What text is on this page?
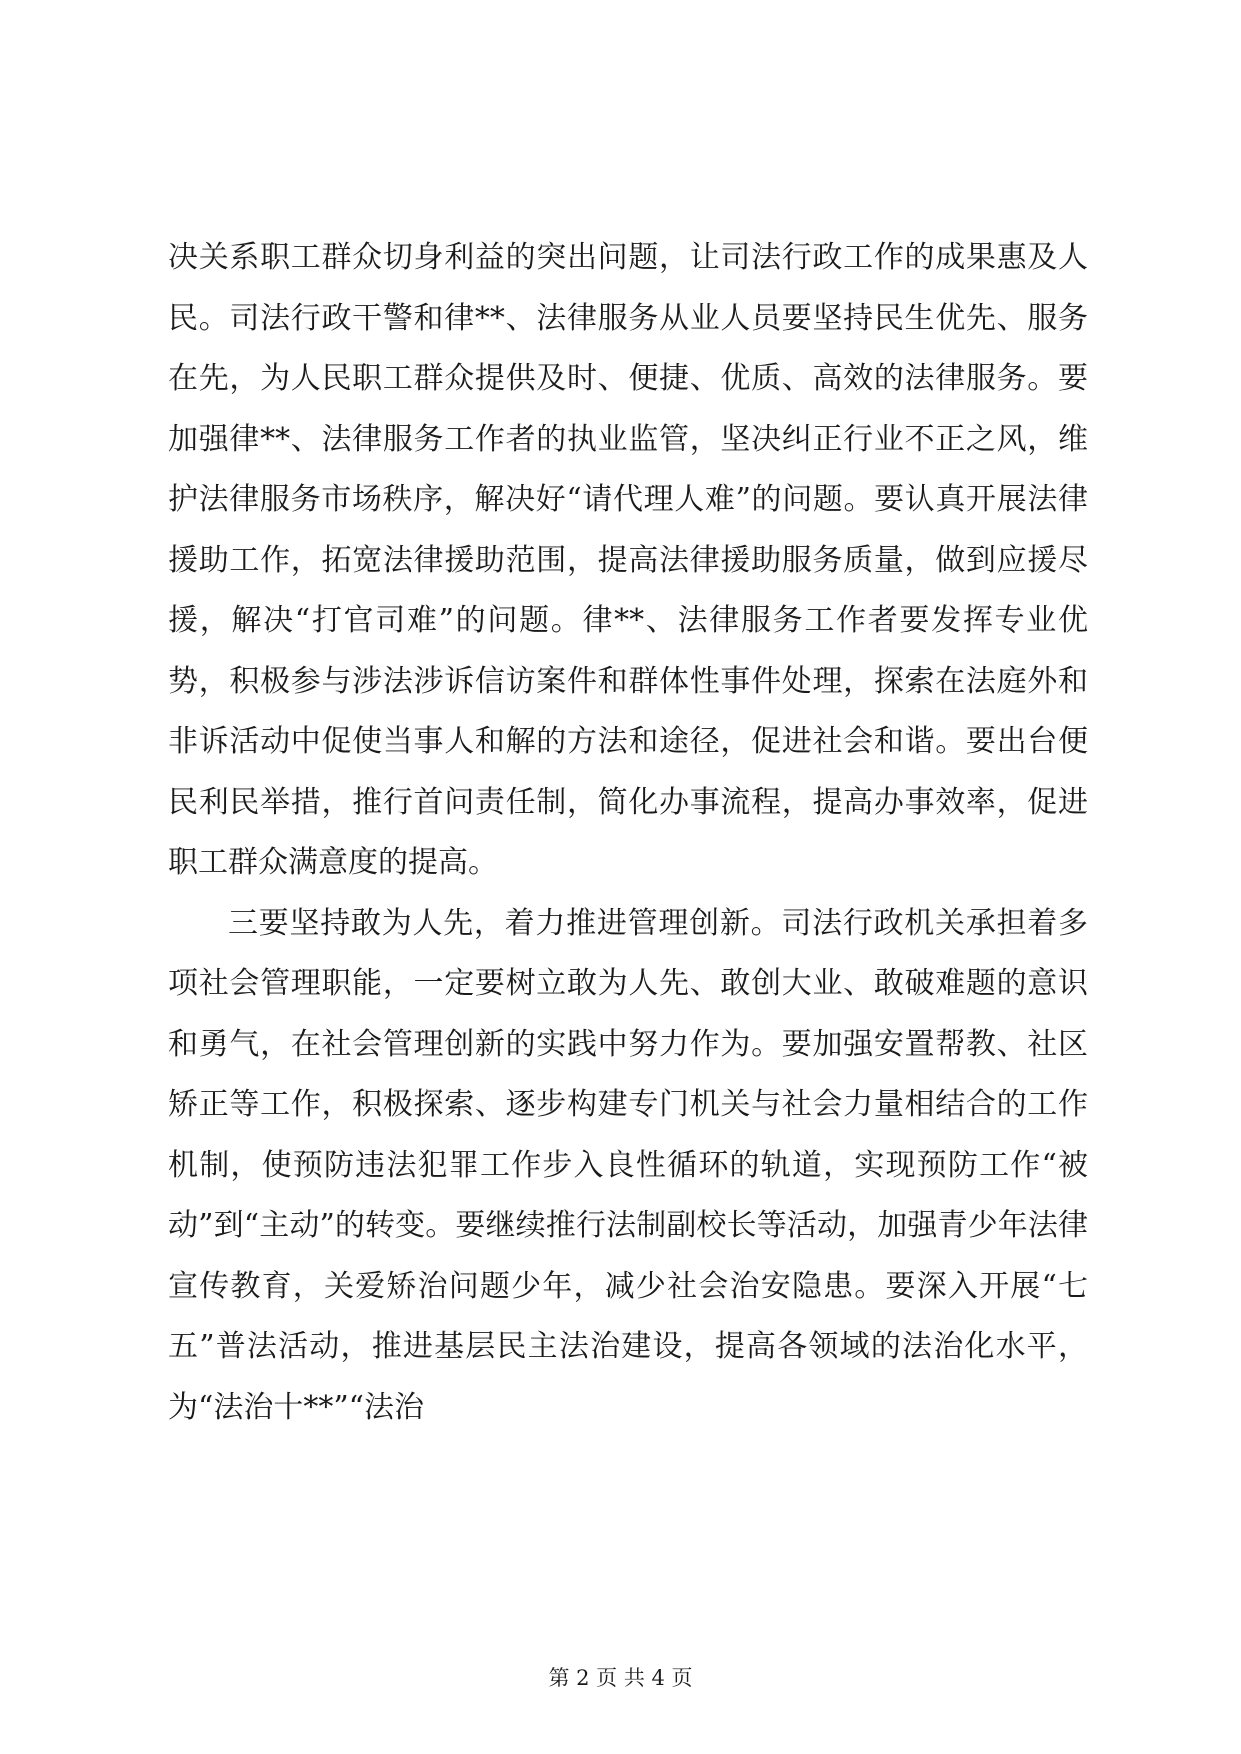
决关系职工群众切身利益的突出问题，让司法行政工作的成果惠及人民。司法行政干警和律**、法律服务从业人员要坚持民生优先、服务在先，为人民职工群众提供及时、便捷、优质、高效的法律服务。要加强律**、法律服务工作者的执业监管，坚决纠正行业不正之风，维护法律服务市场秩序，解决好“请代理人难”的问题。要认真开展法律援助工作，拓宽法律援助范围，提高法律援助服务质量，做到应援尽援，解决“打官司难”的问题。律**、法律服务工作者要发挥专业优势，积极参与涉法涉诉信访案件和群体性事件处理，探索在法庭外和非诉活动中促使当事人和解的方法和途径，促进社会和谐。要出台便民利民举措，推行首问责任制，简化办事流程，提高办事效率，促进职工群众满意度的提高。

三要坚持敢为人先，着力推进管理创新。司法行政机关承担着多项社会管理职能，一定要树立敢为人先、敢创大业、敢破难题的意识和勇气，在社会管理创新的实践中努力作为。要加强安置帮教、社区矫正等工作，积极探索、逐步构建专门机关与社会力量相结合的工作机制，使预防违法犯罪工作步入良性循环的轨道，实现预防工作“被动”到“主动”的转变。要继续推行法制副校长等活动，加强青少年法律宣传教育，关爱矫治问题少年，减少社会治安隐患。要深入开展“七五”普法活动，推进基层民主法治建设，提高各领域的法治化水平，为“法治十**”“法治

第 2 页 共 4 页
